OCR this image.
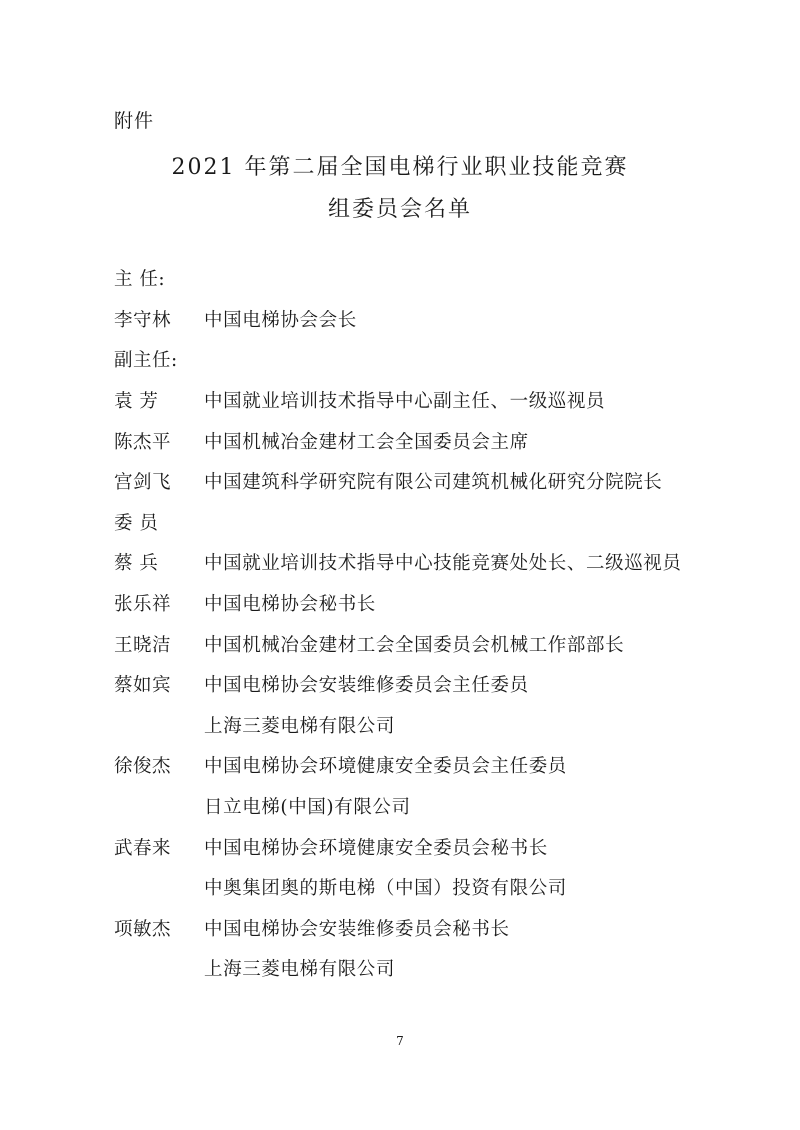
附件
2021 年第二届全国电梯行业职业技能竞赛
组委员会名单
主 任:
李守林	中国电梯协会会长
副主任:
袁 芳	中国就业培训技术指导中心副主任、一级巡视员
陈杰平	中国机械冶金建材工会全国委员会主席
宫剑飞	中国建筑科学研究院有限公司建筑机械化研究分院院长
委 员
蔡 兵	中国就业培训技术指导中心技能竞赛处处长、二级巡视员
张乐祥	中国电梯协会秘书长
王晓洁	中国机械冶金建材工会全国委员会机械工作部部长
蔡如宾	中国电梯协会安装维修委员会主任委员
上海三菱电梯有限公司
徐俊杰	中国电梯协会环境健康安全委员会主任委员
日立电梯(中国)有限公司
武春来	中国电梯协会环境健康安全委员会秘书长
中奥集团奥的斯电梯（中国）投资有限公司
项敏杰	中国电梯协会安装维修委员会秘书长
上海三菱电梯有限公司
7
